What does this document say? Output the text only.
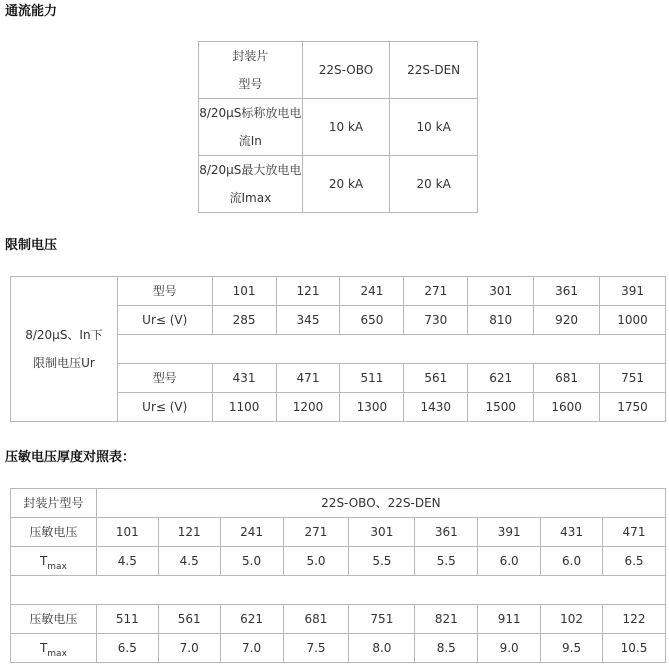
通流能力
封装片
型号	22S-OBO	22S-DEN

8/20μS标称放电电
流In	10 kA	10 kA

8/20μS最大放电电
流Imax	20 kA	20 kA
限制电压
8/20μS、In下
限制电压Ur	型号	101	121	241	271	301	361	391
	Ur≤ (V)	285	345	650	730	810	920	1000

	型号	431	471	511	561	621	681	751
	Ur≤ (V)	1100	1200	1300	1430	1500	1600	1750
压敏电压厚度对照表：
封装片型号	22S-OBO、22S-DEN								
压敏电压	101	121	241	271	301	361	391	431	471
$T_{max}$	4.5	4.5	5.0	5.0	5.5	5.5	6.0	6.0	6.5

压敏电压	511	561	621	681	751	821	911	102	122
$T_{max}$	6.5	7.0	7.0	7.5	8.0	8.5	9.0	9.5	10.5
